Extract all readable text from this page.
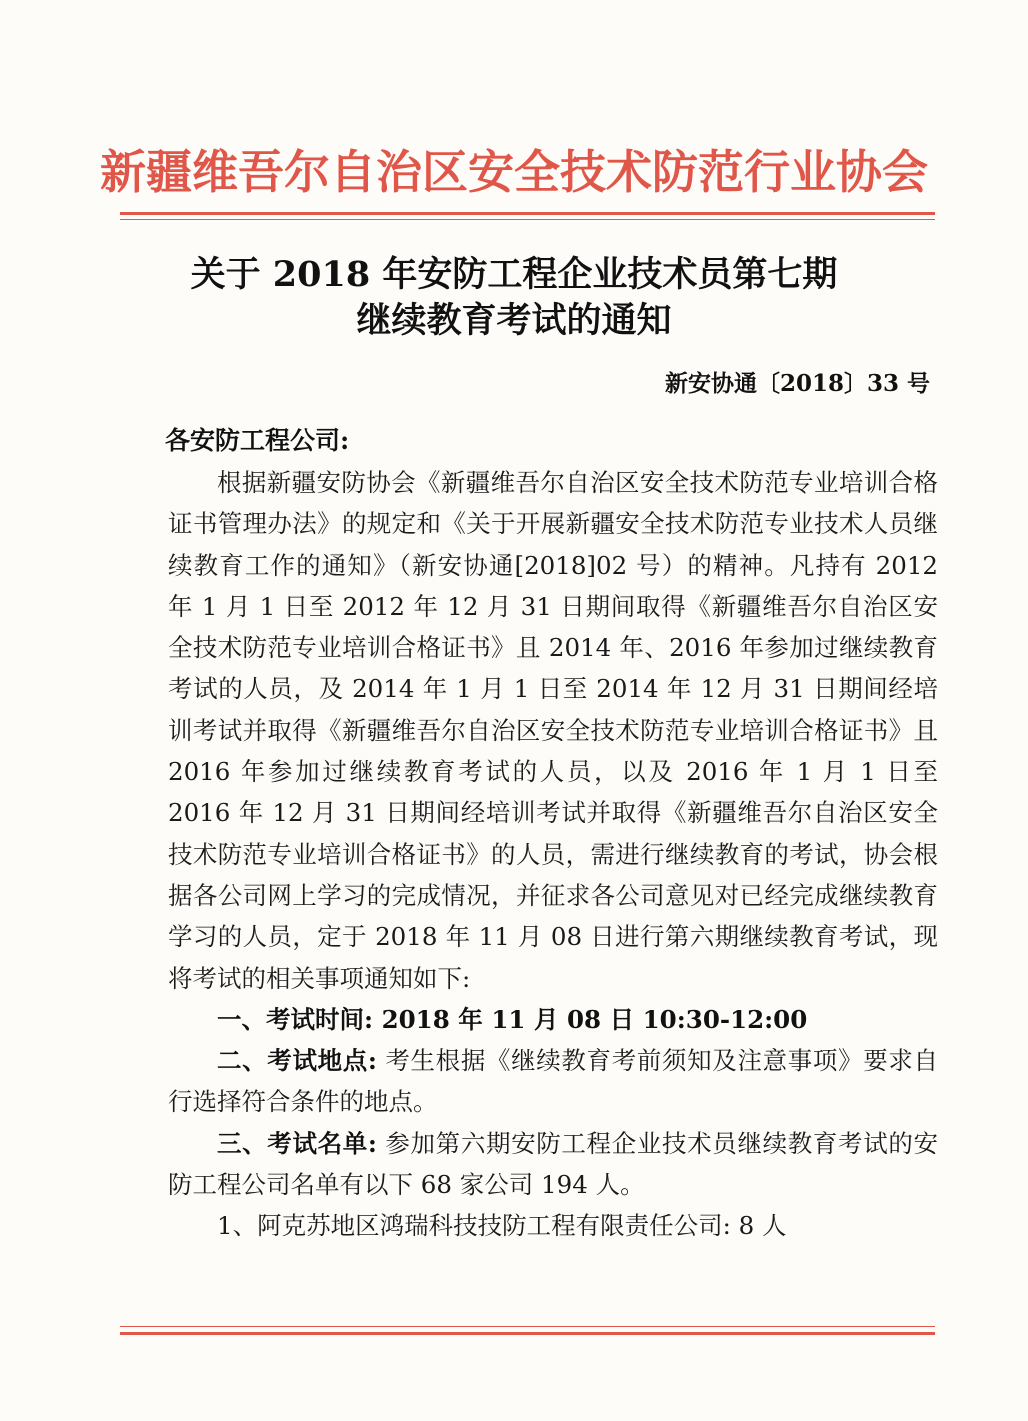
新疆维吾尔自治区安全技术防范行业协会
关于 2018 年安防工程企业技术员第七期
继续教育考试的通知
新安协通〔2018〕33 号
各安防工程公司:

根据新疆安防协会《新疆维吾尔自治区安全技术防范专业培训合格证书管理办法》的规定和《关于开展新疆安全技术防范专业技术人员继续教育工作的通知》（新安协通[2018]02 号）的精神。凡持有 2012 年 1 月 1 日至 2012 年 12 月 31 日期间取得《新疆维吾尔自治区安全技术防范专业培训合格证书》且 2014 年、2016 年参加过继续教育考试的人员，及 2014 年 1 月 1 日至 2014 年 12 月 31 日期间经培训考试并取得《新疆维吾尔自治区安全技术防范专业培训合格证书》且 2016 年参加过继续教育考试的人员，以及 2016 年 1 月 1 日至 2016 年 12 月 31 日期间经培训考试并取得《新疆维吾尔自治区安全技术防范专业培训合格证书》的人员，需进行继续教育的考试，协会根据各公司网上学习的完成情况，并征求各公司意见对已经完成继续教育学习的人员，定于 2018 年 11 月 08 日进行第六期继续教育考试，现将考试的相关事项通知如下:

一、考试时间: 2018 年 11 月 08 日 10:30-12:00

二、考试地点: 考生根据《继续教育考前须知及注意事项》要求自行选择符合条件的地点。

三、考试名单: 参加第六期安防工程企业技术员继续教育考试的安防工程公司名单有以下 68 家公司 194 人。

1、阿克苏地区鸿瑞科技技防工程有限责任公司: 8 人
